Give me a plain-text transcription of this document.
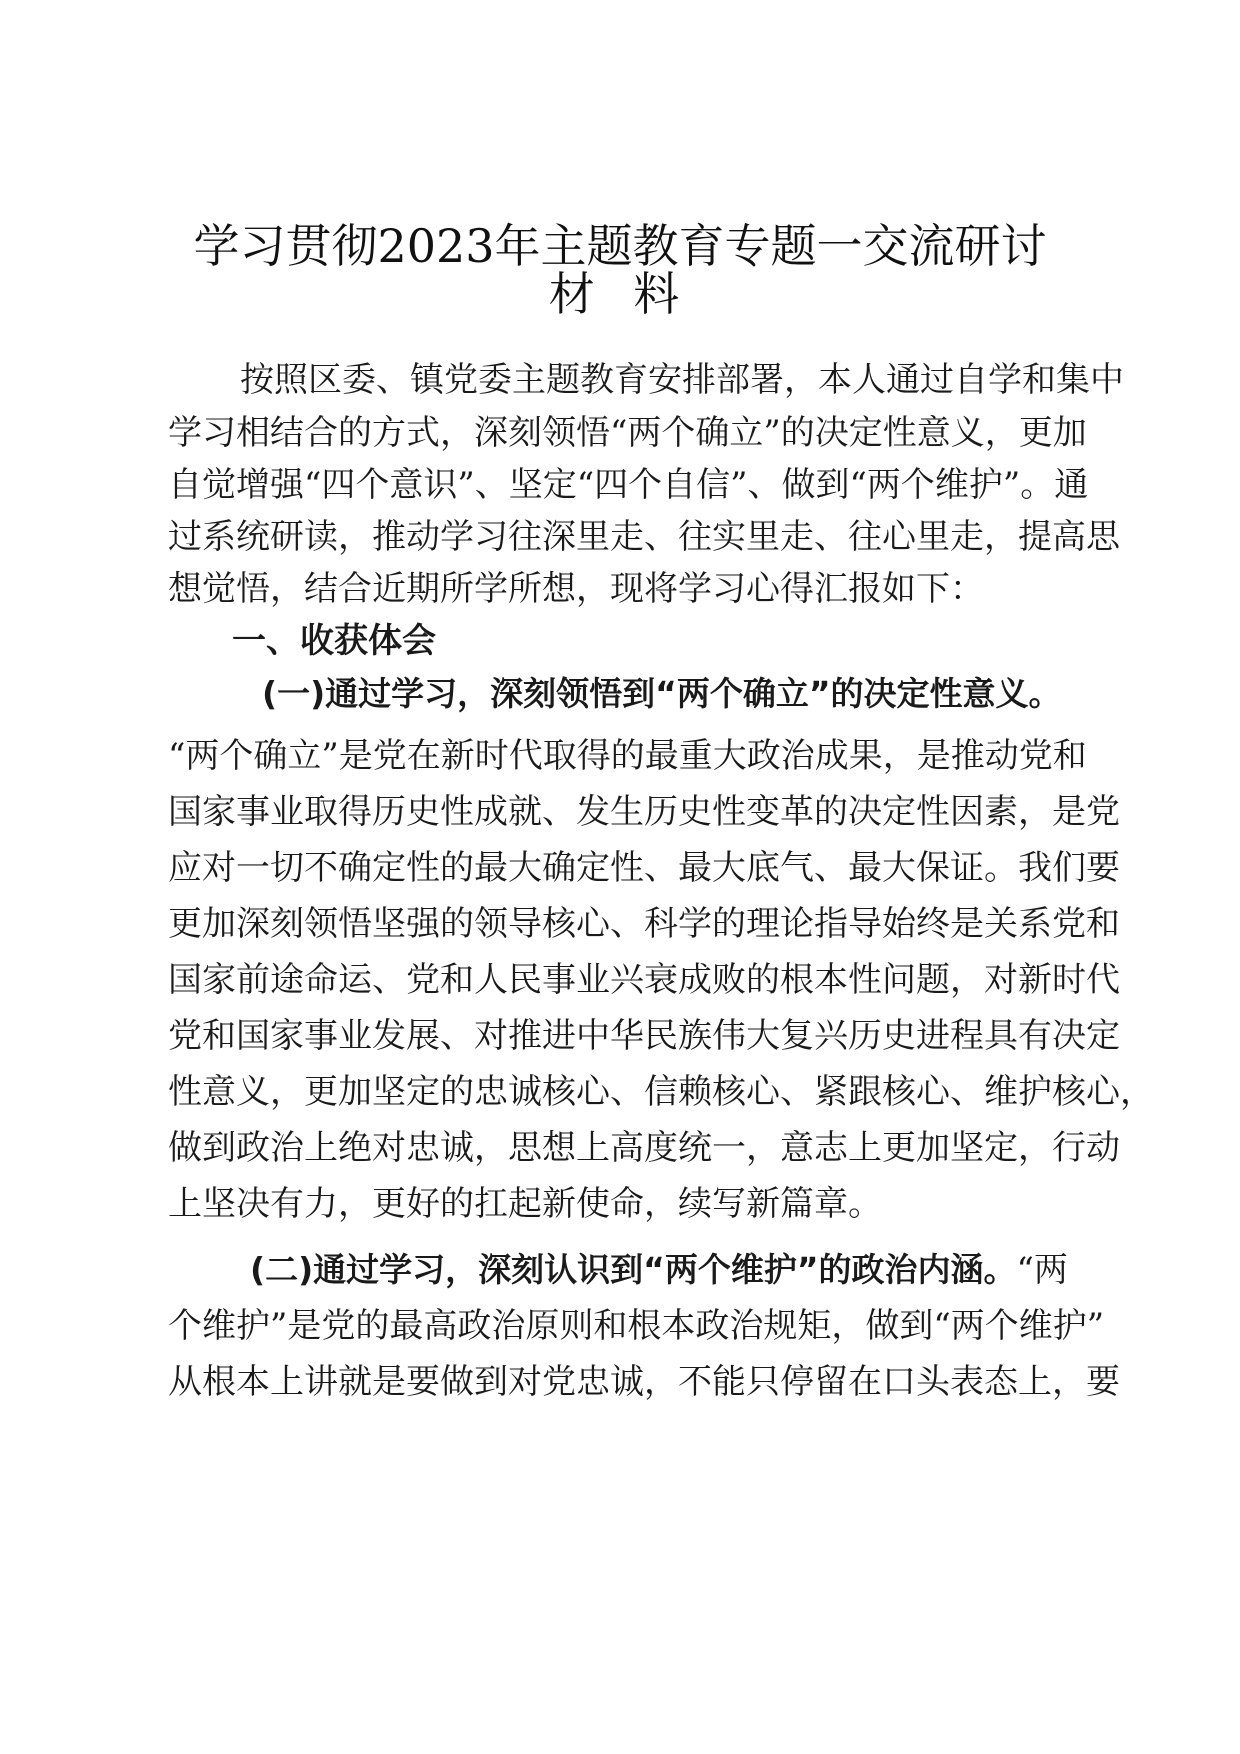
学习贯彻2023年主题教育专题一交流研讨
材 料
按照区委、镇党委主题教育安排部署，本人通过自学和集中
学习相结合的方式，深刻领悟“两个确立”的决定性意义，更加
自觉增强“四个意识”、坚定“四个自信”、做到“两个维护”。通
过系统研读，推动学习往深里走、往实里走、往心里走，提高思
想觉悟，结合近期所学所想，现将学习心得汇报如下：
一、收获体会
(一)通过学习，深刻领悟到“两个确立”的决定性意义。
“两个确立”是党在新时代取得的最重大政治成果，是推动党和
国家事业取得历史性成就、发生历史性变革的决定性因素，是党
应对一切不确定性的最大确定性、最大底气、最大保证。我们要
更加深刻领悟坚强的领导核心、科学的理论指导始终是关系党和
国家前途命运、党和人民事业兴衰成败的根本性问题，对新时代
党和国家事业发展、对推进中华民族伟大复兴历史进程具有决定
性意义，更加坚定的忠诚核心、信赖核心、紧跟核心、维护核心，
做到政治上绝对忠诚，思想上高度统一，意志上更加坚定，行动
上坚决有力，更好的扛起新使命，续写新篇章。
(二)通过学习，深刻认识到“两个维护”的政治内涵。“两
个维护”是党的最高政治原则和根本政治规矩，做到“两个维护”
从根本上讲就是要做到对党忠诚，不能只停留在口头表态上，要
